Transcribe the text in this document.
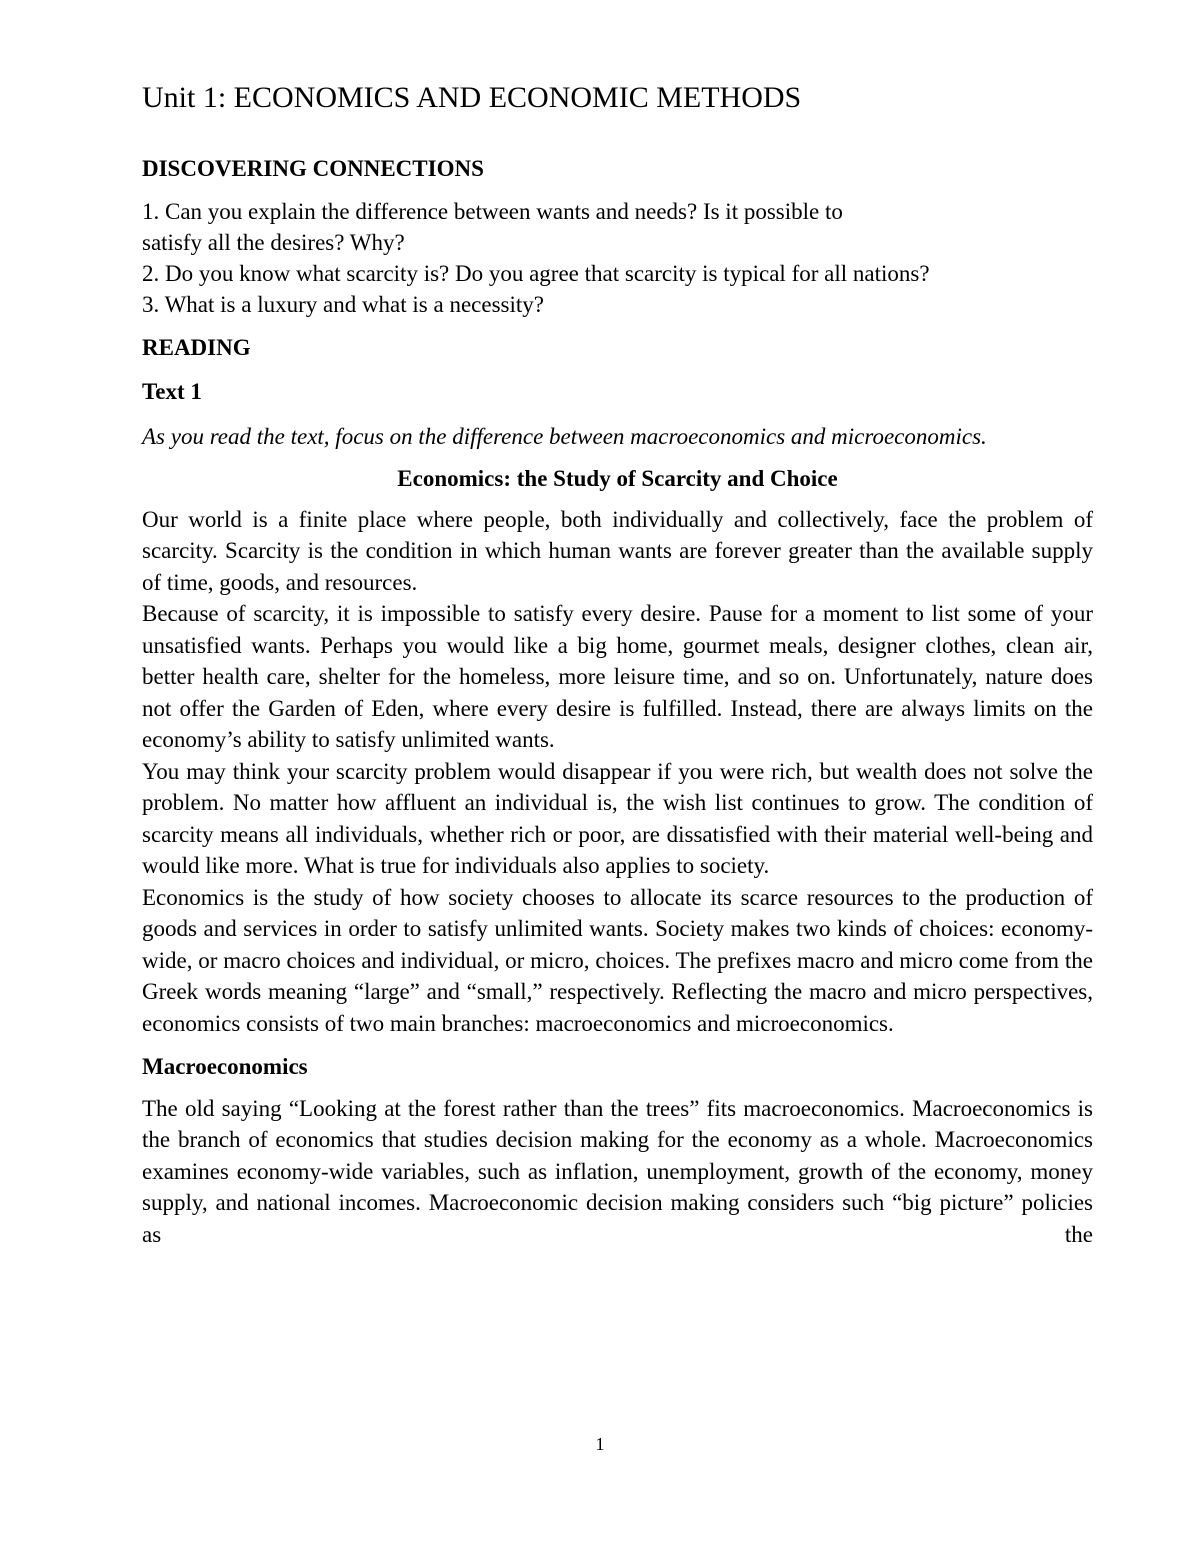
Unit 1: ECONOMICS AND ECONOMIC METHODS
DISCOVERING CONNECTIONS

1. Can you explain the difference between wants and needs? Is it possible to

satisfy all the desires? Why?

2. Do you know what scarcity is? Do you agree that scarcity is typical for all nations?

3. What is a luxury and what is a necessity?

READING
Text 1

As you read the text, focus on the difference between macroeconomics and microeconomics.

Economics: the Study of Scarcity and Choice

Our world is a finite place where people, both individually and collectively, face the problem of scarcity. Scarcity is the condition in which human wants are forever greater than the available supply of time, goods, and resources.

Because of scarcity, it is impossible to satisfy every desire. Pause for a moment to list some of your unsatisfied wants. Perhaps you would like a big home, gourmet meals, designer clothes, clean air, better health care, shelter for the homeless, more leisure time, and so on. Unfortunately, nature does not offer the Garden of Eden, where every desire is fulfilled. Instead, there are always limits on the economy’s ability to satisfy unlimited wants.

You may think your scarcity problem would disappear if you were rich, but wealth does not solve the problem. No matter how affluent an individual is, the wish list continues to grow. The condition of scarcity means all individuals, whether rich or poor, are dissatisfied with their material well-being and would like more. What is true for individuals also applies to society.

Economics is the study of how society chooses to allocate its scarce resources to the production of goods and services in order to satisfy unlimited wants. Society makes two kinds of choices: economy-wide, or macro choices and individual, or micro, choices. The prefixes macro and micro come from the Greek words meaning “large” and “small,” respectively. Reflecting the macro and micro perspectives, economics consists of two main branches: macroeconomics and microeconomics.

Macroeconomics

The old saying “Looking at the forest rather than the trees” fits macroeconomics. Macroeconomics is the branch of economics that studies decision making for the economy as a whole. Macroeconomics examines economy-wide variables, such as inflation, unemployment, growth of the economy, money supply, and national incomes. Macroeconomic decision making considers such “big picture” policies as the

1
